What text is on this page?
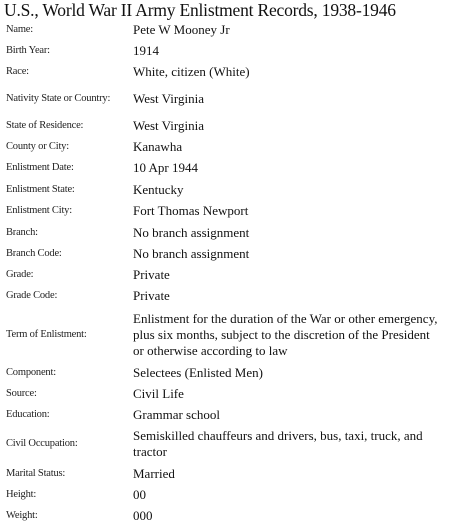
U.S., World War II Army Enlistment Records, 1938-1946
Name:	Pete W Mooney Jr
Birth Year:	1914
Race:	White, citizen (White)
Nativity State or Country: West Virginia
State of Residence:	West Virginia
County or City:	Kanawha
Enlistment Date:	10 Apr 1944
Enlistment State:	Kentucky
Enlistment City:	Fort Thomas Newport
Branch:	No branch assignment
Branch Code:	No branch assignment
Grade:	Private
Grade Code:	Private
Term of Enlistment:
Enlistment for the duration of the War or other emergency, plus six months, subject to the discretion of the President or otherwise according to law
Component:	Selectees (Enlisted Men)
Source:	Civil Life
Education:	Grammar school
Civil Occupation:
Semiskilled chauffeurs and drivers, bus, taxi, truck, and tractor
Marital Status:	Married
Height:	00
Weight:	000
